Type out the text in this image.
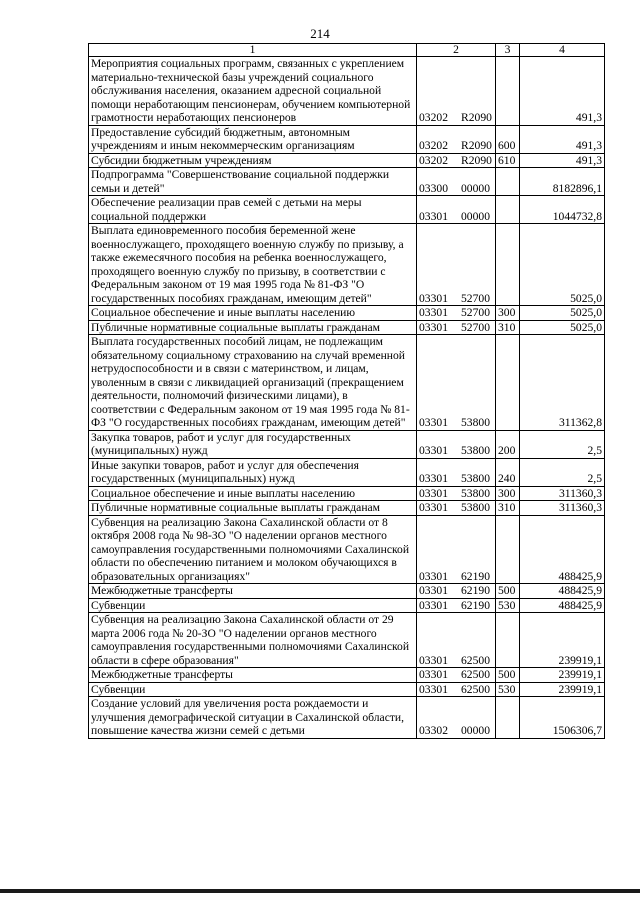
214
1	2	3	4
Мероприятия социальных программ, связанных с укреплением материально-технической базы учреждений социального обслуживания населения, оказанием адресной социальной помощи неработающим пенсионерам, обучением компьютерной грамотности неработающих пенсионеров	03202 R2090		491,3
Предоставление субсидий бюджетным, автономным учреждениям и иным некоммерческим организациям	03202 R2090	600	491,3
Субсидии бюджетным учреждениям	03202 R2090	610	491,3
Подпрограмма "Совершенствование социальной поддержки семьи и детей"	03300 00000		8182896,1
Обеспечение реализации прав семей с детьми на меры социальной поддержки	03301 00000		1044732,8
Выплата единовременного пособия беременной жене военнослужащего, проходящего военную службу по призыву, а также ежемесячного пособия на ребенка военнослужащего, проходящего военную службу по призыву, в соответствии с Федеральным законом от 19 мая 1995 года № 81-ФЗ "О государственных пособиях гражданам, имеющим детей"	03301 52700		5025,0
Социальное обеспечение и иные выплаты населению	03301 52700	300	5025,0
Публичные нормативные социальные выплаты гражданам	03301 52700	310	5025,0
Выплата государственных пособий лицам, не подлежащим обязательному социальному страхованию на случай временной нетрудоспособности и в связи с материнством, и лицам, уволенным в связи с ликвидацией организаций (прекращением деятельности, полномочий физическими лицами), в соответствии с Федеральным законом от 19 мая 1995 года № 81-ФЗ "О государственных пособиях гражданам, имеющим детей"	03301 53800		311362,8
Закупка товаров, работ и услуг для государственных (муниципальных) нужд	03301 53800	200	2,5
Иные закупки товаров, работ и услуг для обеспечения государственных (муниципальных) нужд	03301 53800	240	2,5
Социальное обеспечение и иные выплаты населению	03301 53800	300	311360,3
Публичные нормативные социальные выплаты гражданам	03301 53800	310	311360,3
Субвенция на реализацию Закона Сахалинской области от 8 октября 2008 года № 98-ЗО "О наделении органов местного самоуправления государственными полномочиями Сахалинской области по обеспечению питанием и молоком обучающихся в образовательных организациях"	03301 62190		488425,9
Межбюджетные трансферты	03301 62190	500	488425,9
Субвенции	03301 62190	530	488425,9
Субвенция на реализацию Закона Сахалинской области от 29 марта 2006 года № 20-ЗО "О наделении органов местного самоуправления государственными полномочиями Сахалинской области в сфере образования"	03301 62500		239919,1
Межбюджетные трансферты	03301 62500	500	239919,1
Субвенции	03301 62500	530	239919,1
Создание условий для увеличения роста рождаемости и улучшения демографической ситуации в Сахалинской области, повышение качества жизни семей с детьми	03302 00000		1506306,7
